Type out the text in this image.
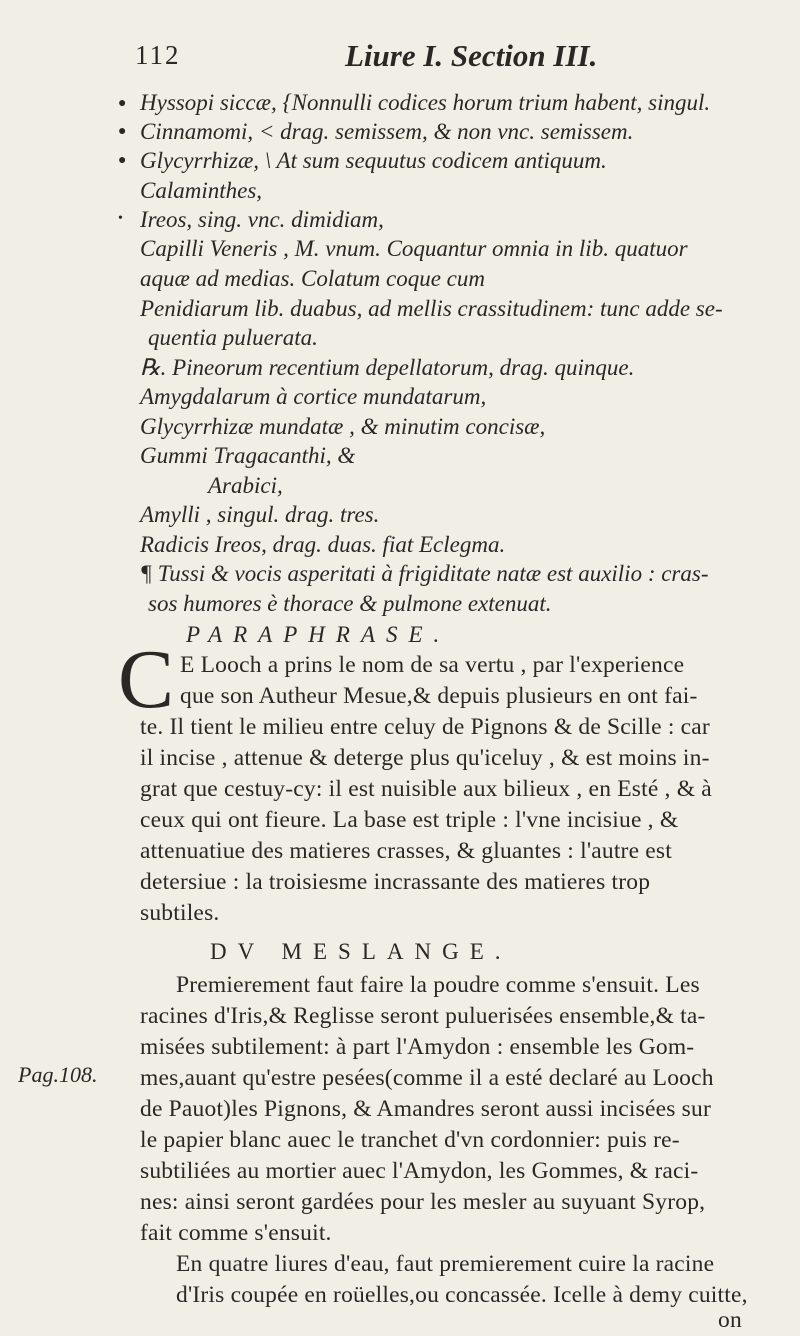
112	Liure I. Section III.
●
●
●
•
Hyssopi siccæ, {Nonnulli codices horum trium habent, singul.
Cinnamomi, < drag. semissem, & non vnc. semissem.
Glycyrrhizæ, \ At sum sequutus codicem antiquum.
Calaminthes,
Ireos, sing. vnc. dimidiam,
Capilli Veneris , M. vnum. Coquantur omnia in lib. quatuor
aquæ ad medias. Colatum coque cum
Penidiarum lib. duabus, ad mellis crassitudinem: tunc adde se-
quentia puluerata.
℞. Pineorum recentium depellatorum, drag. quinque.
Amygdalarum à cortice mundatarum,
Glycyrrhizæ mundatæ , & minutim concisæ,
Gummi Tragacanthi, &
Arabici,
Amylli , singul. drag. tres.
Radicis Ireos, drag. duas. fiat Eclegma.
¶ Tussi & vocis asperitati à frigiditate natæ est auxilio : cras-
sos humores è thorace & pulmone extenuat.
PARAPHRASE.
C E Looch a prins le nom de sa vertu , par l'experience
que son Autheur Mesue,& depuis plusieurs en ont fai-
te. Il tient le milieu entre celuy de Pignons & de Scille : car
il incise , attenue & deterge plus qu'iceluy , & est moins in-
grat que cestuy-cy: il est nuisible aux bilieux , en Esté , & à
ceux qui ont fieure. La base est triple : l'vne incisiue , &
attenuatiue des matieres crasses, & gluantes : l'autre est
detersiue : la troisiesme incrassante des matieres trop
subtiles.
DV MESLANGE.
Premierement faut faire la poudre comme s'ensuit. Les
racines d'Iris,& Reglisse seront puluerisées ensemble,& ta-
misées subtilement: à part l'Amydon : ensemble les Gom-
Pag.108. mes,auant qu'estre pesées(comme il a esté declaré au Looch
de Pauot)les Pignons, & Amandres seront aussi incisées sur
le papier blanc auec le tranchet d'vn cordonnier: puis re-
subtiliées au mortier auec l'Amydon, les Gommes, & raci-
nes: ainsi seront gardées pour les mesler au suyuant Syrop,
fait comme s'ensuit.
En quatre liures d'eau, faut premierement cuire la racine
d'Iris coupée en roüelles,ou concassée. Icelle à demy cuitte,
on
